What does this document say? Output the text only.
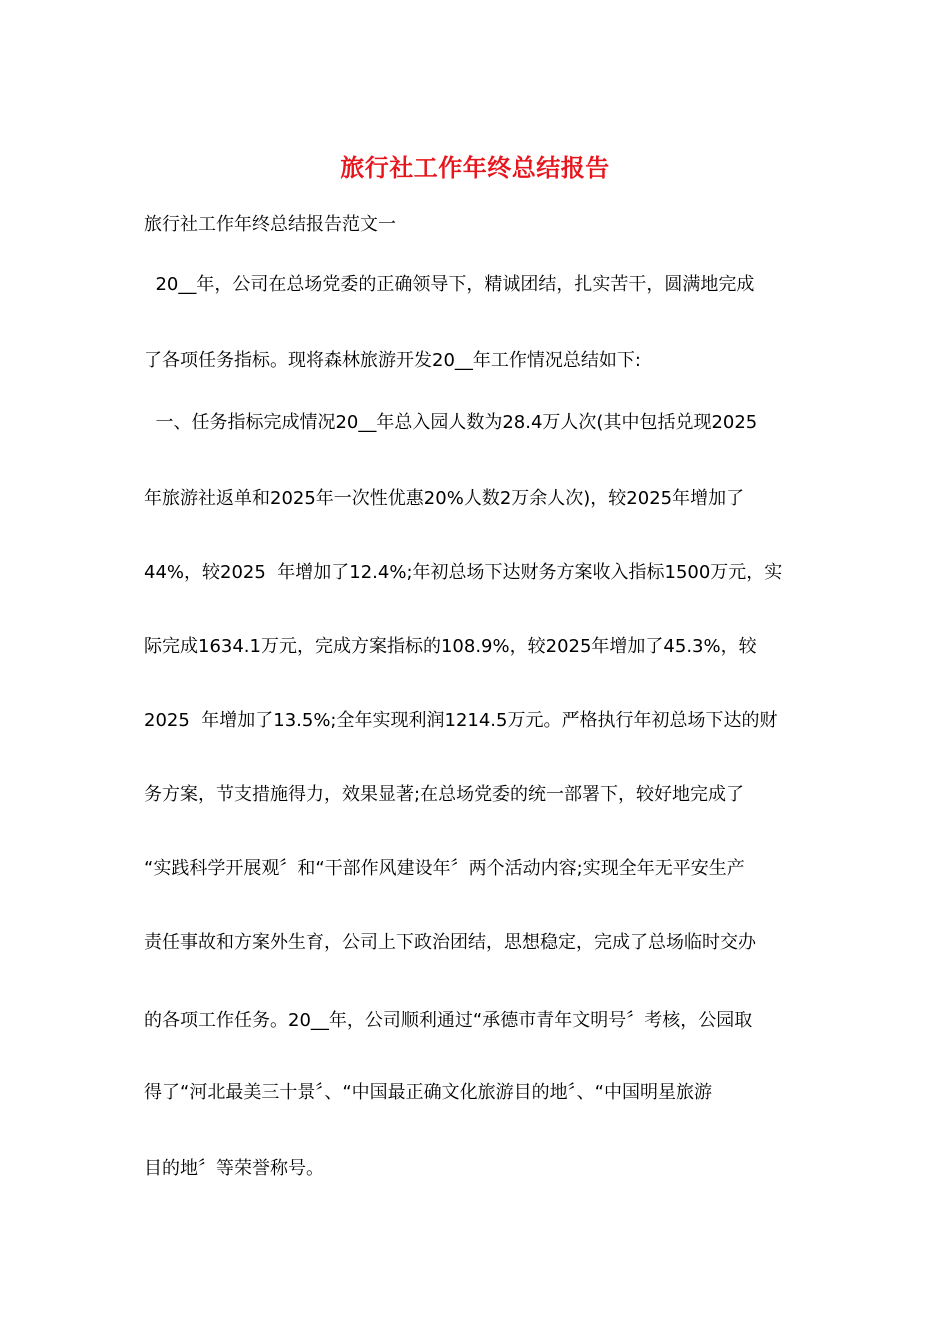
旅行社工作年终总结报告
旅行社工作年终总结报告范文一
20__年，公司在总场党委的正确领导下，精诚团结，扎实苦干，圆满地完成
了各项任务指标。现将森林旅游开发20__年工作情况总结如下:
一、任务指标完成情况20__年总入园人数为28.4万人次(其中包括兑现2025
年旅游社返单和2025年一次性优惠20%人数2万余人次)，较2025年增加了
44%，较2025  年增加了12.4%;年初总场下达财务方案收入指标1500万元，实
际完成1634.1万元，完成方案指标的108.9%，较2025年增加了45.3%，较
2025  年增加了13.5%;全年实现利润1214.5万元。严格执行年初总场下达的财
务方案，节支措施得力，效果显著;在总场党委的统一部署下，较好地完成了
“实践科学开展观〞和“干部作风建设年〞两个活动内容;实现全年无平安生产
责任事故和方案外生育，公司上下政治团结，思想稳定，完成了总场临时交办
的各项工作任务。20__年，公司顺利通过“承德市青年文明号〞考核，公园取
得了“河北最美三十景〞、“中国最正确文化旅游目的地〞、“中国明星旅游
目的地〞等荣誉称号。
